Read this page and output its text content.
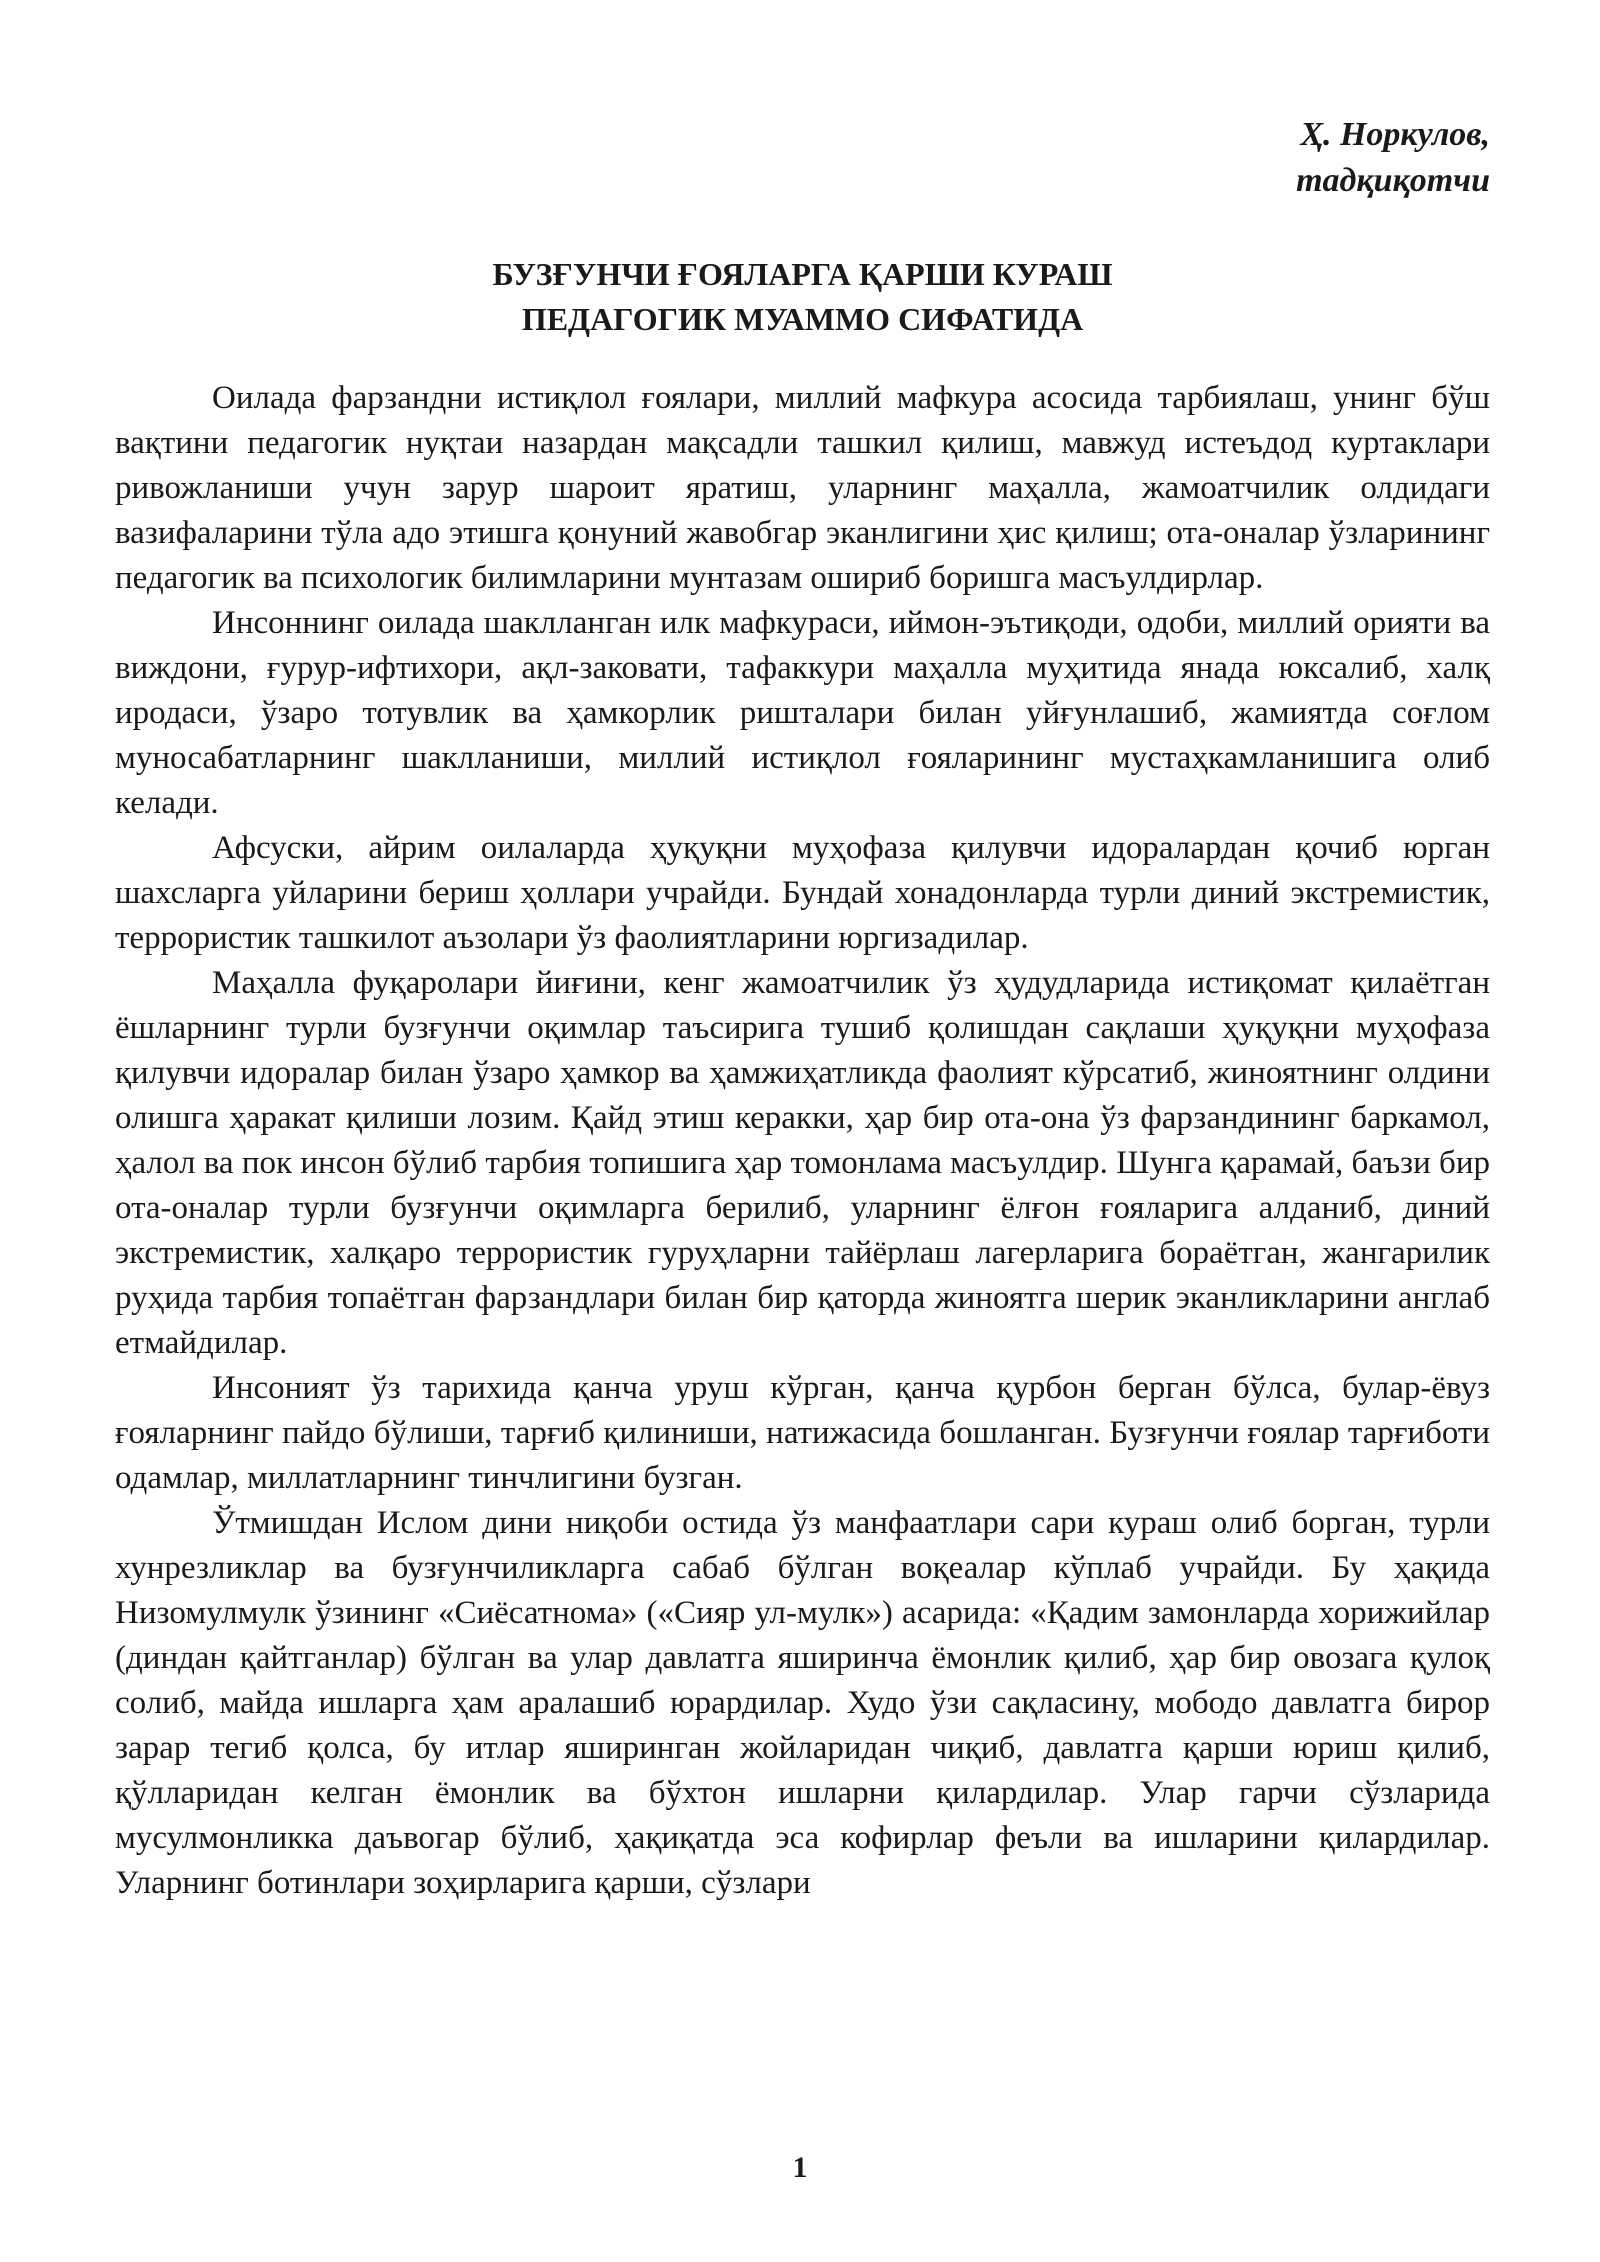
Ҳ. Норкулов,
тадқиқотчи
БУЗҒУНЧИ ҒОЯЛАРГА ҚАРШИ КУРАШ
ПЕДАГОГИК МУАММО СИФАТИДА

Оилада фарзандни истиқлол ғоялари, миллий мафкура асосида тарбиялаш, унинг бўш вақтини педагогик нуқтаи назардан мақсадли ташкил қилиш, мавжуд истеъдод куртаклари ривожланиши учун зарур шароит яратиш, уларнинг маҳалла, жамоатчилик олдидаги вазифаларини тўла адо этишга қонуний жавобгар эканлигини ҳис қилиш; ота-оналар ўзларининг педагогик ва психологик билимларини мунтазам ошириб боришга масъулдирлар.

Инсоннинг оилада шаклланган илк мафкураси, иймон-эътиқоди, одоби, миллий орияти ва виждони, ғурур-ифтихори, ақл-заковати, тафаккури маҳалла муҳитида янада юксалиб, халқ иродаси, ўзаро тотувлик ва ҳамкорлик ришталари билан уйғунлашиб, жамиятда соғлом муносабатларнинг шаклланиши, миллий истиқлол ғояларининг мустаҳкамланишига олиб келади.

Афсуски, айрим оилаларда ҳуқуқни муҳофаза қилувчи идоралардан қочиб юрган шахсларга уйларини бериш ҳоллари учрайди. Бундай хонадонларда турли диний экстремистик, террористик ташкилот аъзолари ўз фаолиятларини юргизадилар.

Маҳалла фуқаролари йиғини, кенг жамоатчилик ўз ҳудудларида истиқомат қилаётган ёшларнинг турли бузғунчи оқимлар таъсирига тушиб қолишдан сақлаши ҳуқуқни муҳофаза қилувчи идоралар билан ўзаро ҳамкор ва ҳамжиҳатликда фаолият кўрсатиб, жиноятнинг олдини олишга ҳаракат қилиши лозим. Қайд этиш керакки, ҳар бир ота-она ўз фарзандининг баркамол, ҳалол ва пок инсон бўлиб тарбия топишига ҳар томонлама масъулдир. Шунга қарамай, баъзи бир ота-оналар турли бузғунчи оқимларга берилиб, уларнинг ёлғон ғояларига алданиб, диний экстремистик, халқаро террористик гуруҳларни тайёрлаш лагерларига бораётган, жангарилик руҳида тарбия топаётган фарзандлари билан бир қаторда жиноятга шерик эканликларини англаб етмайдилар.

Инсоният ўз тарихида қанча уруш кўрган, қанча қурбон берган бўлса, булар-ёвуз ғояларнинг пайдо бўлиши, тарғиб қилиниши, натижасида бошланган. Бузғунчи ғоялар тарғиботи одамлар, миллатларнинг тинчлигини бузган.

Ўтмишдан Ислом дини ниқоби остида ўз манфаатлари сари кураш олиб борган, турли хунрезликлар ва бузғунчиликларга сабаб бўлган воқеалар кўплаб учрайди. Бу ҳақида Низомулмулк ўзининг «Сиёсатнома» («Сияр ул-мулк») асарида: «Қадим замонларда хорижийлар (диндан қайтганлар) бўлган ва улар давлатга яширинча ёмонлик қилиб, ҳар бир овозага қулоқ солиб, майда ишларга ҳам аралашиб юрардилар. Худо ўзи сақласину, мободо давлатга бирор зарар тегиб қолса, бу итлар яширинган жойларидан чиқиб, давлатга қарши юриш қилиб, қўлларидан келган ёмонлик ва бўхтон ишларни қилардилар. Улар гарчи сўзларида мусулмонликка даъвогар бўлиб, ҳақиқатда эса кофирлар феъли ва ишларини қилардилар. Уларнинг ботинлари зоҳирларига қарши, сўзлари

1
